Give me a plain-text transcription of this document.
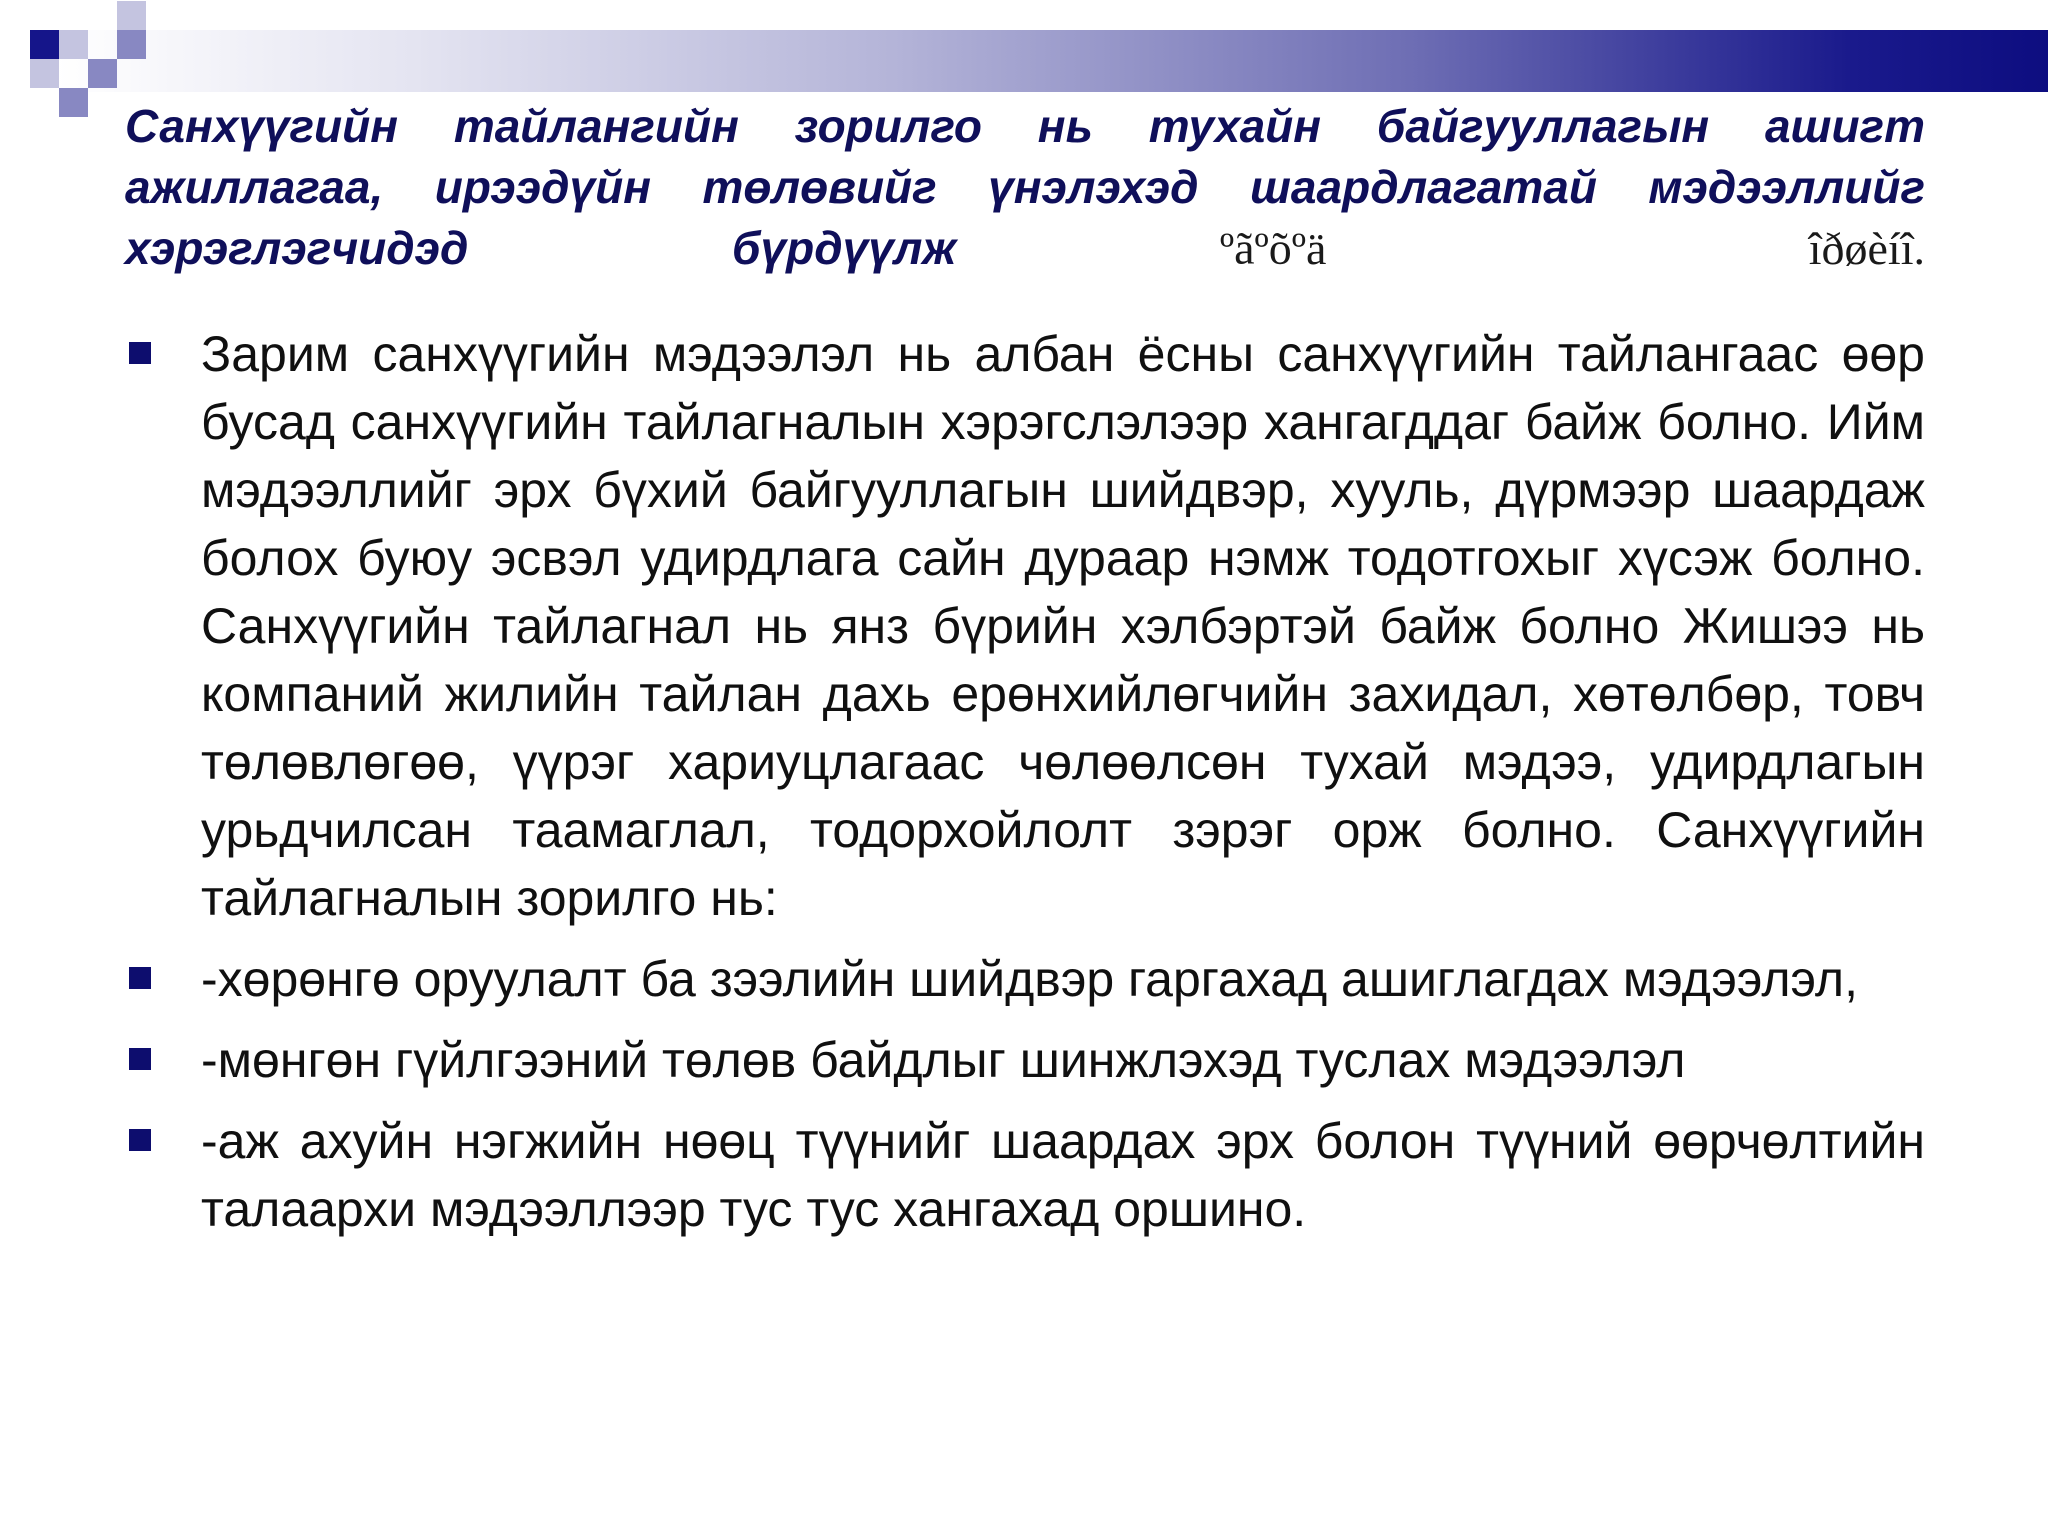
Санхүүгийн тайлангийн зорилго нь тухайн байгууллагын ашигт ажиллагаа, ирээдүйн төлөвийг үнэлэхэд шаардлагатай мэдээллийг хэрэглэгчидэд бүрдүүлж	ºãºõºä îðøèíî.

Зарим санхүүгийн мэдээлэл нь албан ёсны санхүүгийн тайлангаас өөр бусад санхүүгийн тайлагналын хэрэгслэлээр хангагддаг байж болно. Ийм мэдээллийг эрх бүхий байгууллагын шийдвэр, хууль, дүрмээр шаардаж болох буюу эсвэл удирдлага сайн дураар нэмж тодотгохыг хүсэж болно. Санхүүгийн тайлагнал нь янз бүрийн хэлбэртэй байж болно Жишээ нь компаний жилийн тайлан дахь ерөнхийлөгчийн захидал, хөтөлбөр, товч төлөвлөгөө, үүрэг хариуцлагаас чөлөөлсөн тухай мэдээ, удирдлагын урьдчилсан таамаглал, тодорхойлолт зэрэг орж болно. Санхүүгийн тайлагналын зорилго нь:
-хөрөнгө оруулалт ба зээлийн шийдвэр гаргахад ашиглагдах мэдээлэл,
-мөнгөн гүйлгээний төлөв байдлыг шинжлэхэд туслах мэдээлэл
-аж ахуйн нэгжийн нөөц түүнийг шаардах эрх болон түүний өөрчөлтийн талаархи мэдээллээр тус тус хангахад оршино.
